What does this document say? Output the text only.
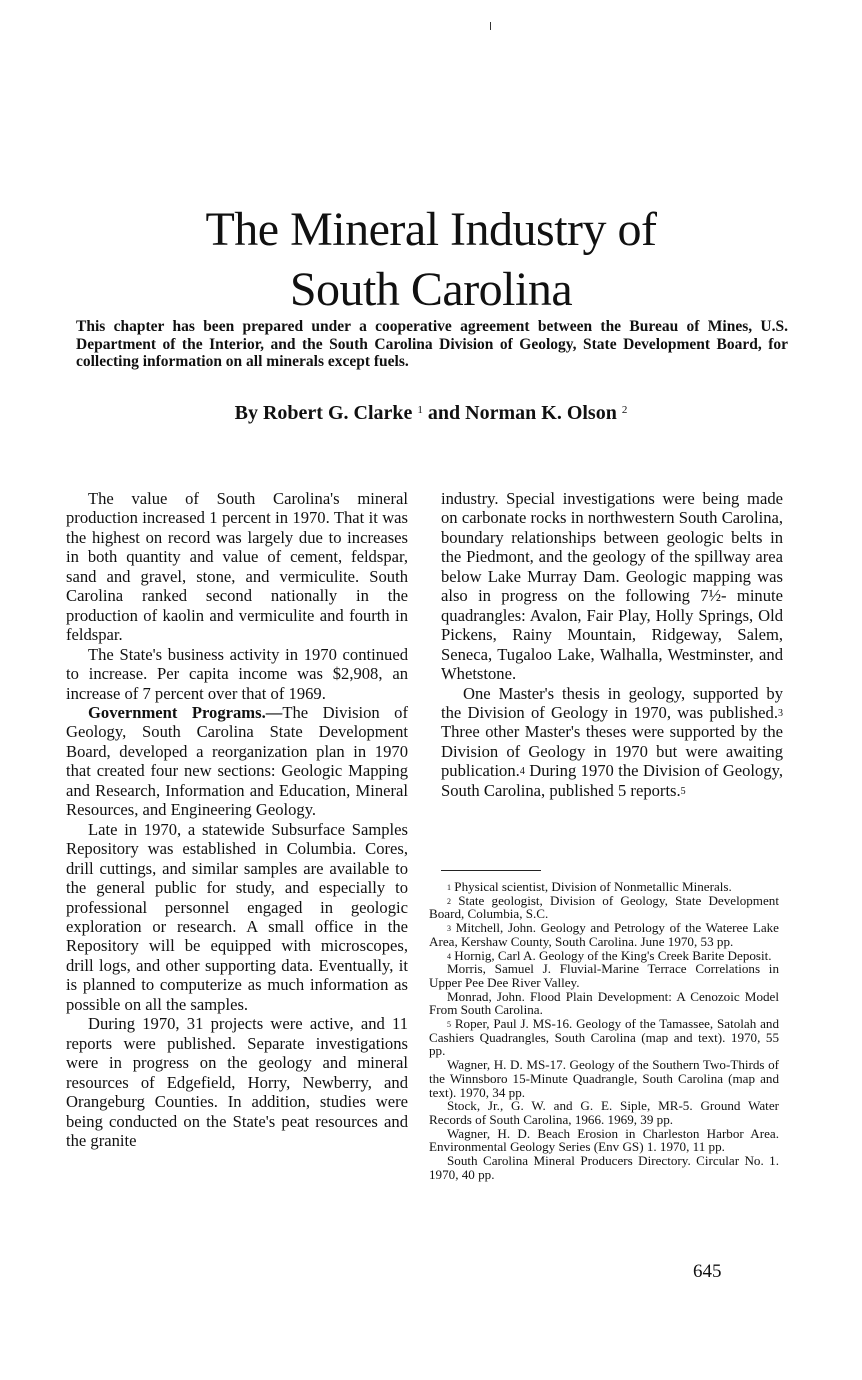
The Mineral Industry of
South Carolina
This chapter has been prepared under a cooperative agreement between the Bureau of Mines, U.S. Department of the Interior, and the South Carolina Division of Geology, State Development Board, for collecting information on all minerals except fuels.
By Robert G. Clarke $^1$ and Norman K. Olson $^2$

The value of South Carolina's mineral production increased 1 percent in 1970. That it was the highest on record was largely due to increases in both quantity and value of cement, feldspar, sand and gravel, stone, and vermiculite. South Carolina ranked second nationally in the production of kaolin and vermiculite and fourth in feldspar.

The State's business activity in 1970 continued to increase. Per capita income was $2,908, an increase of 7 percent over that of 1969.

Government Programs.—The Division of Geology, South Carolina State Development Board, developed a reorganization plan in 1970 that created four new sections: Geologic Mapping and Research, Information and Education, Mineral Resources, and Engineering Geology.

Late in 1970, a statewide Subsurface Samples Repository was established in Columbia. Cores, drill cuttings, and similar samples are available to the general public for study, and especially to professional personnel engaged in geologic exploration or research. A small office in the Repository will be equipped with microscopes, drill logs, and other supporting data. Eventually, it is planned to computerize as much information as possible on all the samples.

During 1970, 31 projects were active, and 11 reports were published. Separate investigations were in progress on the geology and mineral resources of Edgefield, Horry, Newberry, and Orangeburg Counties. In addition, studies were being conducted on the State's peat resources and the granite

industry. Special investigations were being made on carbonate rocks in northwestern South Carolina, boundary relationships between geologic belts in the Piedmont, and the geology of the spillway area below Lake Murray Dam. Geologic mapping was also in progress on the following 7½- minute quadrangles: Avalon, Fair Play, Holly Springs, Old Pickens, Rainy Mountain, Ridgeway, Salem, Seneca, Tugaloo Lake, Walhalla, Westminster, and Whetstone.

One Master's thesis in geology, supported by the Division of Geology in 1970, was published.$^3$ Three other Master's theses were supported by the Division of Geology in 1970 but were awaiting publication.$^4$ During 1970 the Division of Geology, South Carolina, published 5 reports.$^5$

$^1$ Physical scientist, Division of Nonmetallic Minerals.

$^2$ State geologist, Division of Geology, State Development Board, Columbia, S.C.

$^3$ Mitchell, John. Geology and Petrology of the Wateree Lake Area, Kershaw County, South Carolina. June 1970, 53 pp.

$^4$ Hornig, Carl A. Geology of the King's Creek Barite Deposit.

Morris, Samuel J. Fluvial-Marine Terrace Correlations in Upper Pee Dee River Valley.

Monrad, John. Flood Plain Development: A Cenozoic Model From South Carolina.

$^5$ Roper, Paul J. MS-16. Geology of the Tamassee, Satolah and Cashiers Quadrangles, South Carolina (map and text). 1970, 55 pp.

Wagner, H. D. MS-17. Geology of the Southern Two-Thirds of the Winnsboro 15-Minute Quadrangle, South Carolina (map and text). 1970, 34 pp.

Stock, Jr., G. W. and G. E. Siple, MR-5. Ground Water Records of South Carolina, 1966. 1969, 39 pp.

Wagner, H. D. Beach Erosion in Charleston Harbor Area. Environmental Geology Series (Env GS) 1. 1970, 11 pp.

South Carolina Mineral Producers Directory. Circular No. 1. 1970, 40 pp.

645
